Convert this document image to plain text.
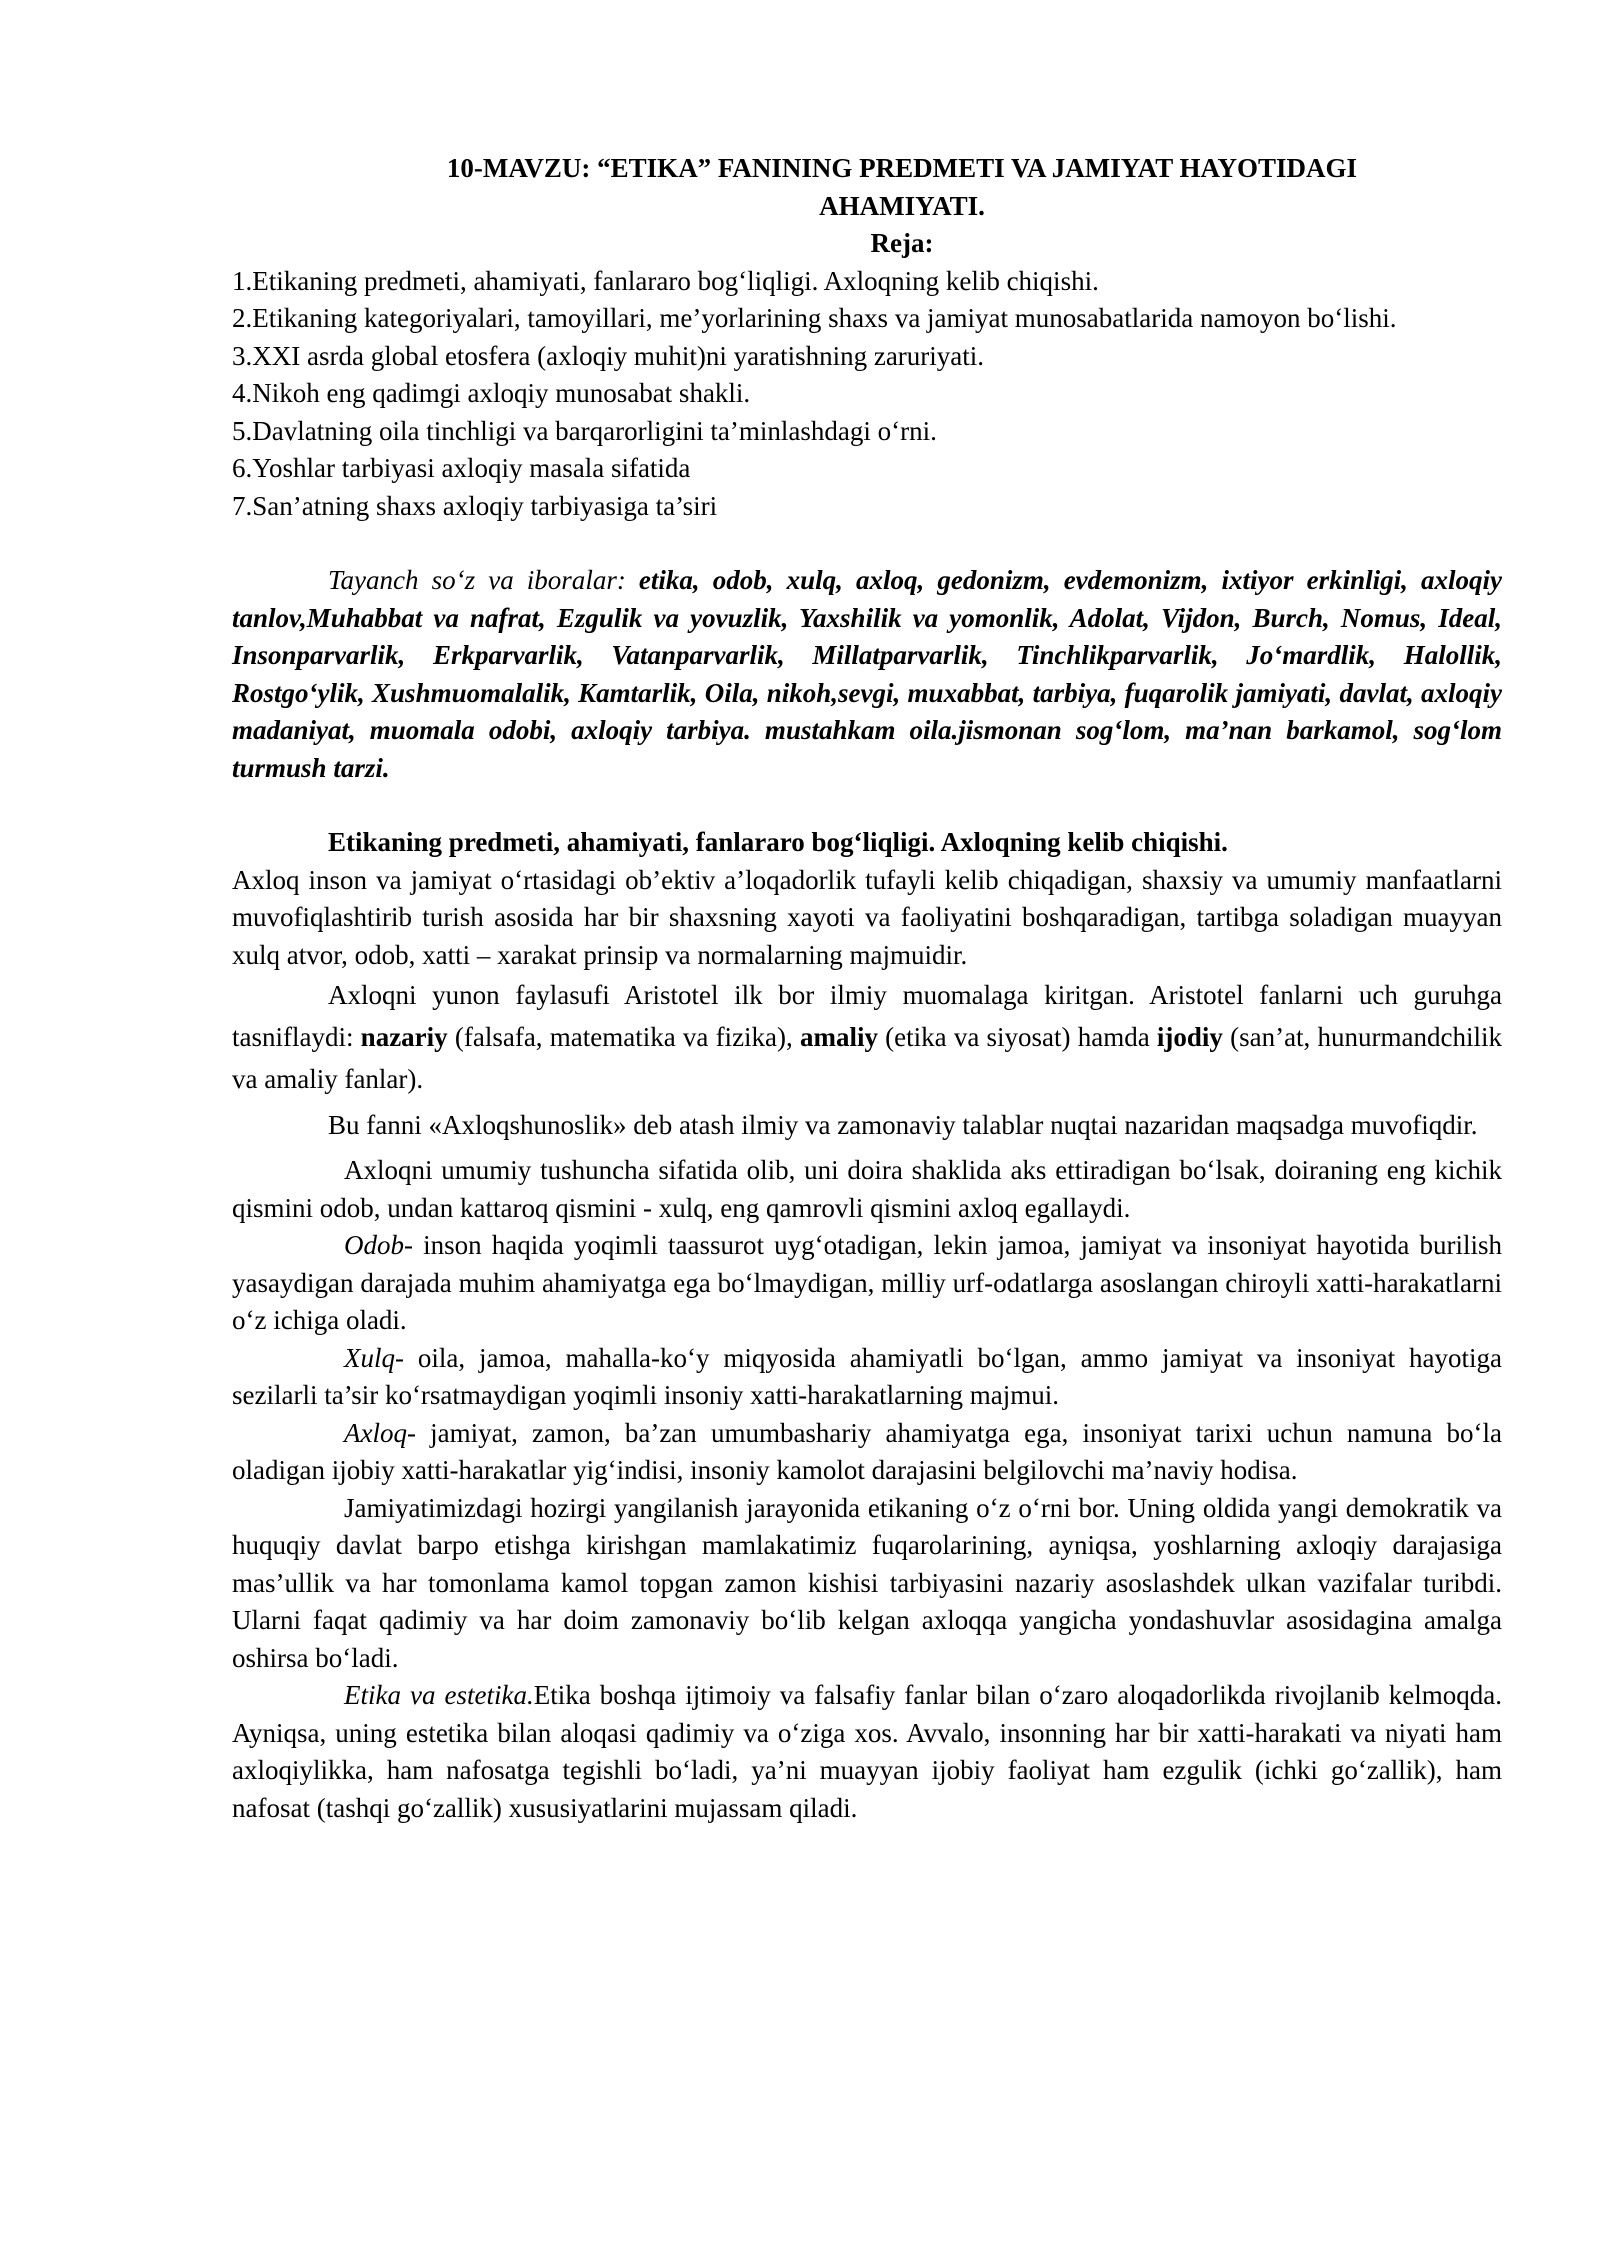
10-MAVZU: “ETIKA” FANINING PREDMETI VA JAMIYAT HAYOTIDAGI
AHAMIYATI.
Reja:

1.Etikaning predmeti, ahamiyati, fanlararo bog‘liqligi. Axloqning kelib chiqishi.

2.Etikaning kategoriyalari, tamoyillari, me’yorlarining shaxs va jamiyat munosabatlarida namoyon bo‘lishi.

3.XXI asrda global etosfera (axloqiy muhit)ni yaratishning zaruriyati.

4.Nikoh eng qadimgi axloqiy munosabat shakli.

5.Davlatning oila tinchligi va barqarorligini ta’minlashdagi o‘rni.

6.Yoshlar tarbiyasi axloqiy masala sifatida

7.San’atning shaxs axloqiy tarbiyasiga ta’siri

Tayanch so‘z va iboralar: etika, odob, xulq, axloq, gedonizm, evdemonizm, ixtiyor erkinligi, axloqiy tanlov,Muhabbat va nafrat, Ezgulik va yovuzlik, Yaxshilik va yomonlik, Adolat, Vijdon, Burch, Nomus, Ideal, Insonparvarlik, Erkparvarlik, Vatanparvarlik, Millatparvarlik, Tinchlikparvarlik, Jo‘mardlik, Halollik, Rostgo‘ylik, Xushmuomalalik, Kamtarlik, Oila, nikoh,sevgi, muxabbat, tarbiya, fuqarolik jamiyati, davlat, axloqiy madaniyat, muomala odobi, axloqiy tarbiya. mustahkam oila.jismonan sog‘lom, ma’nan barkamol, sog‘lom turmush tarzi.

Etikaning predmeti, ahamiyati, fanlararo bog‘liqligi. Axloqning kelib chiqishi.

Axloq inson va jamiyat o‘rtasidagi ob’ektiv a’loqadorlik tufayli kelib chiqadigan, shaxsiy va umumiy manfaatlarni muvofiqlashtirib turish asosida har bir shaxsning xayoti va faoliyatini boshqaradigan, tartibga soladigan muayyan xulq atvor, odob, xatti – xarakat prinsip va normalarning majmuidir.

Axloqni yunon faylasufi Aristotel ilk bor ilmiy muomalaga kiritgan. Aristotel fanlarni uch guruhga tasniflaydi: nazariy (falsafa, matematika va fizika), amaliy (etika va siyosat) hamda ijodiy (san’at, hunurmandchilik va amaliy fanlar).

Bu fanni «Axloqshunoslik» deb atash ilmiy va zamonaviy talablar nuqtai nazaridan maqsadga muvofiqdir.

Axloqni umumiy tushuncha sifatida olib, uni doira shaklida aks ettiradigan bo‘lsak, doiraning eng kichik qismini odob, undan kattaroq qismini - xulq, eng qamrovli qismini axloq egallaydi.

Odob- inson haqida yoqimli taassurot uyg‘otadigan, lekin jamoa, jamiyat va insoniyat hayotida burilish yasaydigan darajada muhim ahamiyatga ega bo‘lmaydigan, milliy urf-odatlarga asoslangan chiroyli xatti-harakatlarni o‘z ichiga oladi.

Xulq- oila, jamoa, mahalla-ko‘y miqyosida ahamiyatli bo‘lgan, ammo jamiyat va insoniyat hayotiga sezilarli ta’sir ko‘rsatmaydigan yoqimli insoniy xatti-harakatlarning majmui.

Axloq- jamiyat, zamon, ba’zan umumbashariy ahamiyatga ega, insoniyat tarixi uchun namuna bo‘la oladigan ijobiy xatti-harakatlar yig‘indisi, insoniy kamolot darajasini belgilovchi ma’naviy hodisa.

Jamiyatimizdagi hozirgi yangilanish jarayonida etikaning o‘z o‘rni bor. Uning oldida yangi demokratik va huquqiy davlat barpo etishga kirishgan mamlakatimiz fuqarolarining, ayniqsa, yoshlarning axloqiy darajasiga mas’ullik va har tomonlama kamol topgan zamon kishisi tarbiyasini nazariy asoslashdek ulkan vazifalar turibdi. Ularni faqat qadimiy va har doim zamonaviy bo‘lib kelgan axloqqa yangicha yondashuvlar asosidagina amalga oshirsa bo‘ladi.

Etika va estetika.Etika boshqa ijtimoiy va falsafiy fanlar bilan o‘zaro aloqadorlikda rivojlanib kelmoqda. Ayniqsa, uning estetika bilan aloqasi qadimiy va o‘ziga xos. Avvalo, insonning har bir xatti-harakati va niyati ham axloqiylikka, ham nafosatga tegishli bo‘ladi, ya’ni muayyan ijobiy faoliyat ham ezgulik (ichki go‘zallik), ham nafosat (tashqi go‘zallik) xususiyatlarini mujassam qiladi.
